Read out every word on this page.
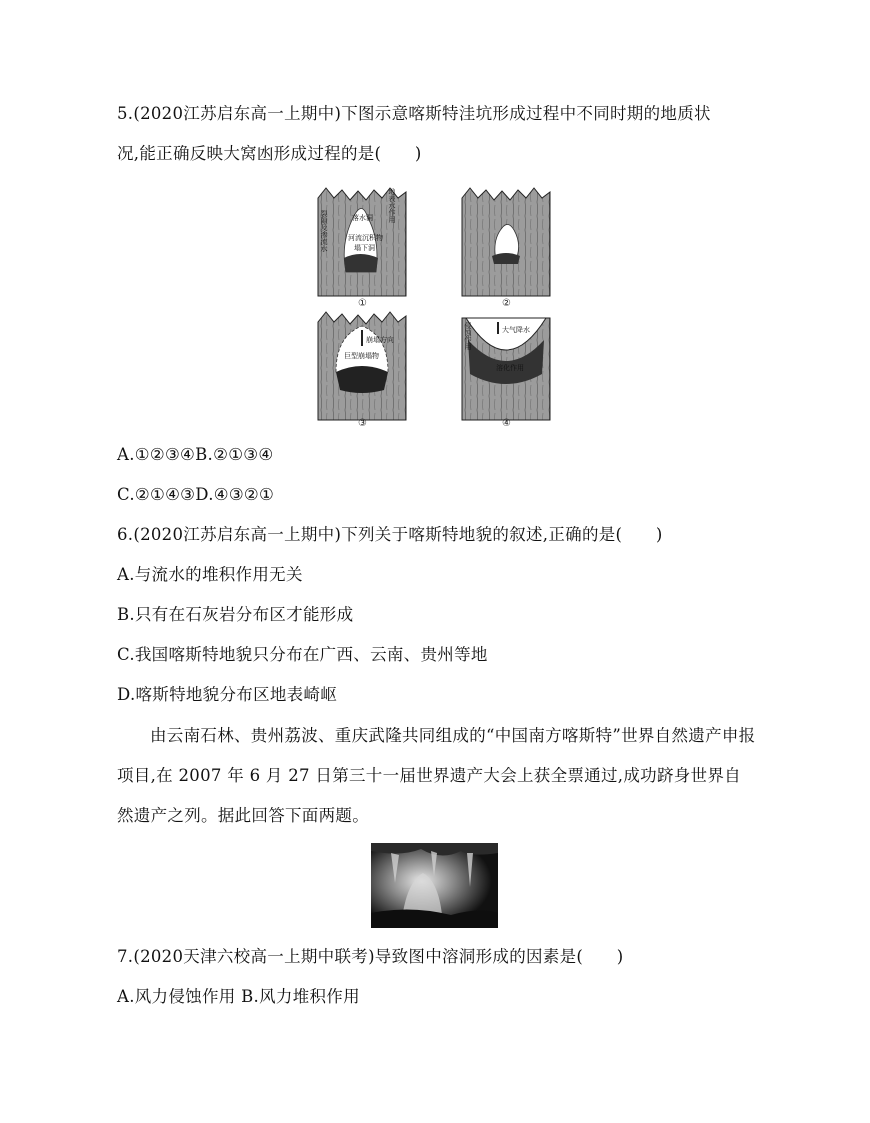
5.(2020江苏启东高一上期中)下图示意喀斯特洼坑形成过程中不同时期的地质状
况,能正确反映大窝凼形成过程的是(　　)
落水洞
河流沉积物
塌下洞
裂隙及渗流水
地表水作用
崩塌方向
巨型崩塌物
大气降水
溶化作用
侵蚀作用
①	②
③	④
A.①②③④B.②①③④
C.②①④③D.④③②①
6.(2020江苏启东高一上期中)下列关于喀斯特地貌的叙述,正确的是(　　)
A.与流水的堆积作用无关
B.只有在石灰岩分布区才能形成
C.我国喀斯特地貌只分布在广西、云南、贵州等地
D.喀斯特地貌分布区地表崎岖
由云南石林、贵州荔波、重庆武隆共同组成的“中国南方喀斯特”世界自然遗产申报项目,在 2007 年 6 月 27 日第三十一届世界遗产大会上获全票通过,成功跻身世界自然遗产之列。据此回答下面两题。
7.(2020天津六校高一上期中联考)导致图中溶洞形成的因素是(　　)
A.风力侵蚀作用 B.风力堆积作用
